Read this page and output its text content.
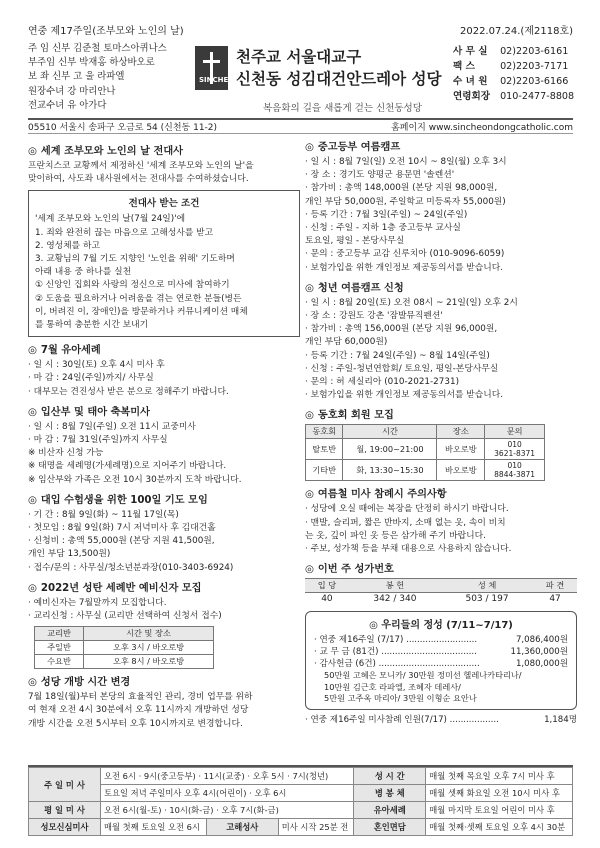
연중 제17주일(조부모와 노인의 날)	2022.07.24.(제2118호)
주 임 신부 김준철 토마스아퀴나스
부주임 신부 박재홍 하상바오로
보 좌 신부 고 울 라파엘
원장수녀 강 마리안나
전교수녀 유 아가다
SINCHEON
천주교 서울대교구
신천동 성김대건안드레아 성당
복음화의 길을 새롭게 걷는 신천동성당
사 무 실 02)2203-6161
팩 스	02)2203-7171
수 녀 원 02)2203-6166
연령회장 010-2477-8808
05510 서울시 송파구 오금로 54 (신천동 11-2)	홈페이지 www.sincheondongcatholic.com
◎ 세계 조부모와 노인의 날 전대사
프란치스코 교황께서 제정하신 '세계 조부모와 노인의 날'을
맞이하여, 사도좌 내사원에서는 전대사를 수여하셨습니다.
전대사 받는 조건
'세계 조부모와 노인의 날(7월 24일)'에
1. 죄와 완전히 끊는 마음으로 고해성사를 받고
2. 영성체를 하고
3. 교황님의 7월 기도 지향인 '노인을 위해' 기도하며
아래 내용 중 하나를 실천
① 신앙인 집회와 사랑의 정신으로 미사에 참여하기
② 도움을 필요하거나 어려움을 겪는 연로한 분들(병든
이, 버려진 이, 장애인)을 방문하거나 커뮤니케이션 매체
를 통하여 충분한 시간 보내기
◎ 7월 유아세례
· 일 시 : 30일(토) 오후 4시 미사 후
· 마 감 : 24일(주일)까지/ 사무실
· 대부모는 견진성사 받은 분으로 정해주기 바랍니다.
◎ 입산부 및 태아 축복미사
· 일 시 : 8월 7일(주일) 오전 11시 교중미사
· 마 감 : 7월 31일(주일)까지 사무실
※ 비산자 신청 가능
※ 태명을 세례명(가세례명)으로 지어주기 바랍니다.
※ 임산부와 가족은 오전 10시 30분까지 도착 바랍니다.
◎ 대입 수험생을 위한 100일 기도 모임
· 기 간 : 8월 9일(화) ~ 11월 17일(목)
· 첫모임 : 8월 9일(화) 7시 저녁미사 후 김대건홀
· 신청비 : 총액 55,000원 (본당 지원 41,500원,
개인 부담 13,500원)
· 접수/문의 : 사무실/청소년분과장(010-3403-6924)
◎ 2022년 성탄 세례반 예비신자 모집
· 예비신자는 7월말까지 모집합니다.
· 교리신청 : 사무실 (교리반 선택하여 신청서 접수)
교리반	시간 및 장소
주일반	오후 3시 / 바오로방
수요반	오후 8시 / 바오로방
◎ 성당 개방 시간 변경
7월 18일(월)부터 본당의 효율적인 관리, 경비 업무를 위하
여 현재 오전 4시 30분에서 오후 11시까지 개방하던 성당
개방 시간을 오전 5시부터 오후 10시까지로 변경합니다.
◎ 중고등부 여름캠프
· 일 시 : 8월 7일(일) 오전 10시 ~ 8일(월) 오후 3시
· 장 소 : 경기도 양평군 용문면 '솔렌션'
· 참가비 : 총액 148,000원 (본당 지원 98,000원,
개인 부담 50,000원, 주일학교 미등록자 55,000원)
· 등록 기간 : 7월 3일(주일) ~ 24일(주일)
· 신청 : 주일 - 지하 1층 중고등부 교사실
토요일, 평일 - 본당사무실
· 문의 : 중고등부 교감 신루치아 (010-9096-6059)
· 보험가입을 위한 개인정보 제공동의서를 받습니다.
◎ 청년 여름캠프 신청
· 일 시 : 8월 20일(토) 오전 08시 ~ 21일(일) 오후 2시
· 장 소 : 강원도 강촌 '잠발뮤직펜션'
· 참가비 : 총액 156,000원 (본당 지원 96,000원,
개인 부담 60,000원)
· 등록 기간 : 7월 24일(주일) ~ 8월 14일(주일)
· 신청 : 주일-청년연합회/ 토요일, 평일-본당사무실
· 문의 : 허 세실리아 (010-2021-2731)
· 보험가입을 위한 개인정보 제공동의서를 받습니다.
◎ 동호회 회원 모집
동호회	시간	장소	문의
탈토반	월, 19:00~21:00	바오로방	010
3621-8371
기타반	화, 13:30~15:30	바오로방	010
8844-3871
◎ 여름철 미사 참례시 주의사항
· 성당에 오실 때에는 복장을 단정히 하시기 바랍니다.
· 맨발, 슬리퍼, 짧은 반바지, 소매 없는 옷, 속이 비치
는 옷, 깊이 파인 옷 등은 삼가해 주기 바랍니다.
· 주보, 성가책 등을 부채 대용으로 사용하지 않습니다.
◎ 이번 주 성가번호
입 당	봉 헌	성 체	파 견
40	342 / 340	503 / 197	47
◎ 우리들의 정성 (7/11~7/17)
· 연중 제16주일 (7/17) ..........................	7,086,400원
· 교 무 금 (81건) ...................................	11,360,000원
· 감사헌금 (6건) .....................................	1,080,000원
50만원 고혜은 모니카/ 30만원 정미선 헬레나카타리나/
10만원 김근호 라파엘, 조혜자 데레사/
5만원 고주옥 마리아/ 3만원 이형순 요안나
· 연중 제16주일 미사참례 인원(7/17) ..................	1,184명
주 일 미 사	오전 6시 · 9시(중고등부) · 11시(교중) · 오후 5시 · 7시(청년)			성 시 간	매월 첫째 목요일 오후 7시 미사 후
	토요일 저녁 주일미사 오후 4시(어린이) · 오후 6시			병 봉 체	매월 셋째 화요일 오전 10시 미사 후
평 일 미 사	오전 6시(월-토) · 10시(화-금) · 오후 7시(화-금)			유아세례	매월 마지막 토요일 어린이 미사 후
성모신심미사	매월 첫째 토요일 오전 6시	고해성사	미사 시작 25분 전	혼인면담	매월 첫째·셋째 토요일 오후 4시 30분
